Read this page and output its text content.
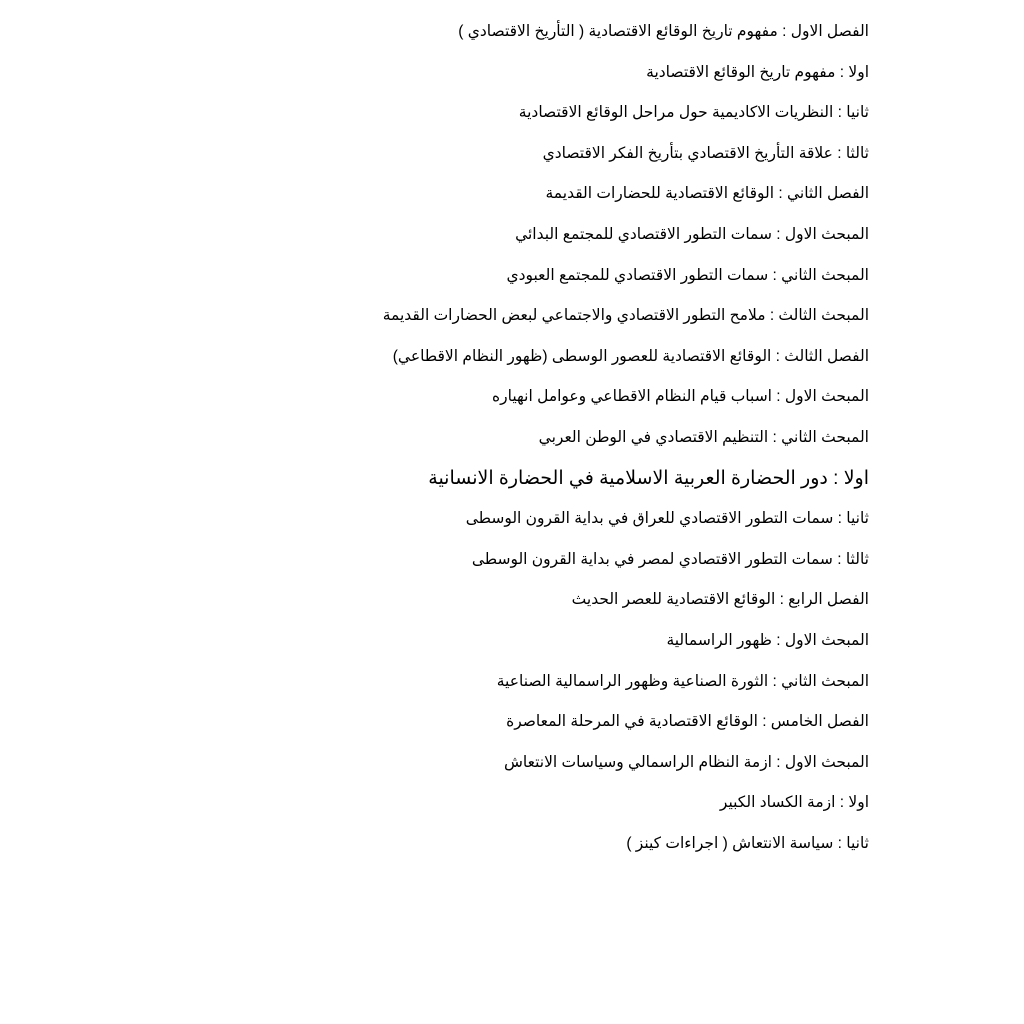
الفصل الاول : مفهوم تاريخ الوقائع الاقتصادية ( التأريخ الاقتصادي )
اولا : مفهوم تاريخ الوقائع الاقتصادية
ثانيا : النظريات الاكاديمية حول مراحل الوقائع الاقتصادية
ثالثا : علاقة التأريخ الاقتصادي بتأريخ الفكر الاقتصادي
الفصل الثاني : الوقائع الاقتصادية للحضارات القديمة
المبحث الاول : سمات التطور الاقتصادي للمجتمع البدائي
المبحث الثاني : سمات التطور الاقتصادي للمجتمع العبودي
المبحث الثالث : ملامح التطور الاقتصادي والاجتماعي لبعض الحضارات القديمة
الفصل الثالث : الوقائع الاقتصادية للعصور الوسطى (ظهور النظام الاقطاعي)
المبحث الاول : اسباب قيام النظام الاقطاعي وعوامل انهياره
المبحث الثاني : التنظيم الاقتصادي في الوطن العربي
اولا : دور الحضارة العربية الاسلامية في الحضارة الانسانية
ثانيا : سمات التطور الاقتصادي للعراق في بداية القرون الوسطى
ثالثا : سمات التطور الاقتصادي لمصر في بداية القرون الوسطى
الفصل الرابع : الوقائع الاقتصادية للعصر الحديث
المبحث الاول : ظهور الراسمالية
المبحث الثاني : الثورة الصناعية وظهور الراسمالية الصناعية
الفصل الخامس : الوقائع الاقتصادية في المرحلة المعاصرة
المبحث الاول : ازمة النظام الراسمالي وسياسات الانتعاش
اولا : ازمة الكساد الكبير
ثانيا : سياسة الانتعاش ( اجراءات كينز )
